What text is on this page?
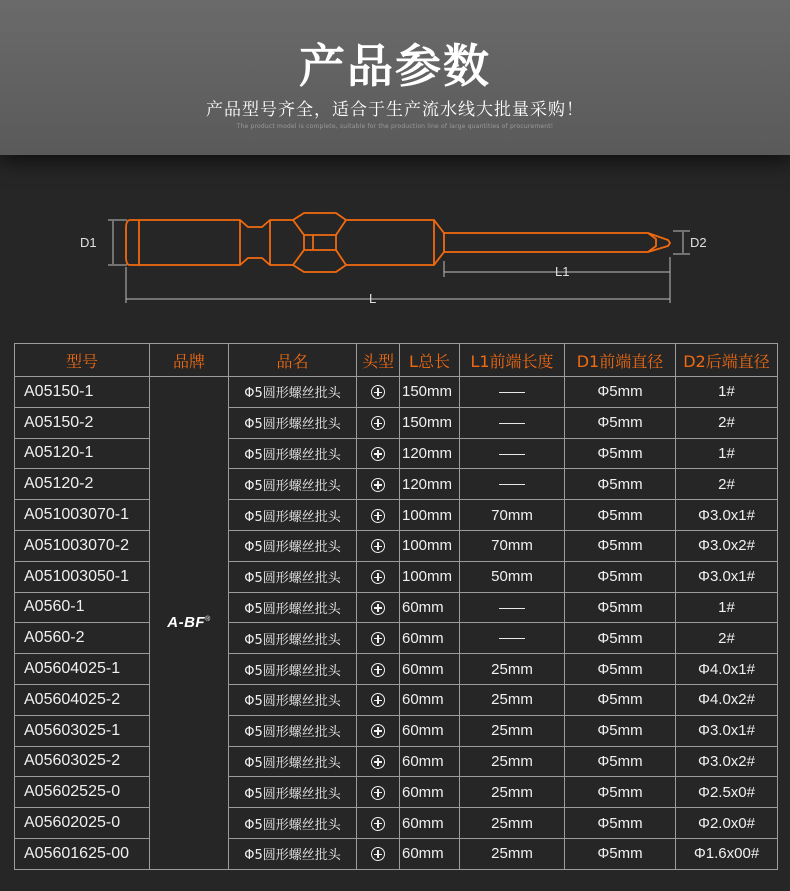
产品参数
产品型号齐全，适合于生产流水线大批量采购！
The product model is complete, suitable for the production line of large quantities of procurement!
D1	D2
L1
L
型号	品牌	品名	头型	L总长	L1前端长度	D1前端直径	D2后端直径
A05150-1	A-BF®	Φ5圆形螺丝批头		150mm		Φ5mm	1#
A05150-2		Φ5圆形螺丝批头		150mm		Φ5mm	2#
A05120-1		Φ5圆形螺丝批头		120mm		Φ5mm	1#
A05120-2		Φ5圆形螺丝批头		120mm		Φ5mm	2#
A051003070-1		Φ5圆形螺丝批头		100mm	70mm	Φ5mm	Φ3.0x1#
A051003070-2		Φ5圆形螺丝批头		100mm	70mm	Φ5mm	Φ3.0x2#
A051003050-1		Φ5圆形螺丝批头		100mm	50mm	Φ5mm	Φ3.0x1#
A0560-1		Φ5圆形螺丝批头		60mm		Φ5mm	1#
A0560-2		Φ5圆形螺丝批头		60mm		Φ5mm	2#
A05604025-1		Φ5圆形螺丝批头		60mm	25mm	Φ5mm	Φ4.0x1#
A05604025-2		Φ5圆形螺丝批头		60mm	25mm	Φ5mm	Φ4.0x2#
A05603025-1		Φ5圆形螺丝批头		60mm	25mm	Φ5mm	Φ3.0x1#
A05603025-2		Φ5圆形螺丝批头		60mm	25mm	Φ5mm	Φ3.0x2#
A05602525-0		Φ5圆形螺丝批头		60mm	25mm	Φ5mm	Φ2.5x0#
A05602025-0		Φ5圆形螺丝批头		60mm	25mm	Φ5mm	Φ2.0x0#
A05601625-00		Φ5圆形螺丝批头		60mm	25mm	Φ5mm	Φ1.6x00#
